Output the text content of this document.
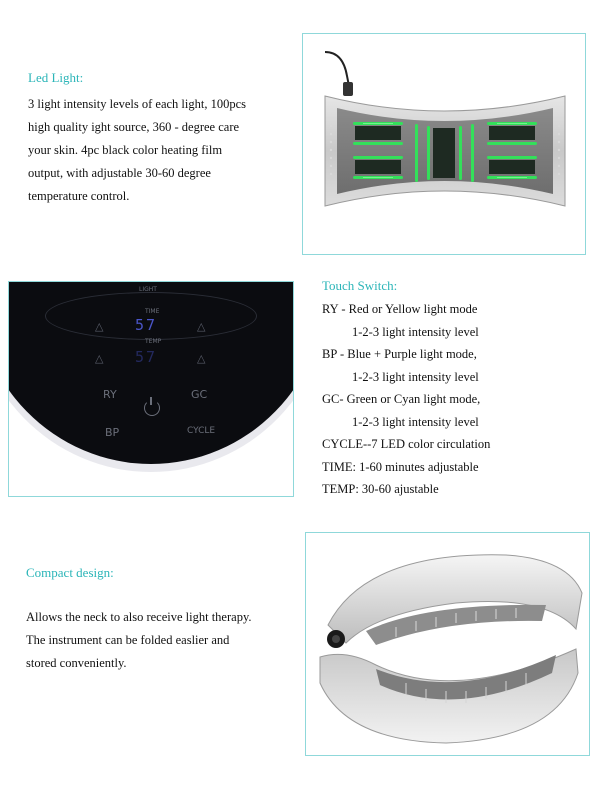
Led Light:
3 light intensity levels of each light, 100pcs
high quality ight source, 360 - degree care
your skin. 4pc black color heating film
output, with adjustable 30-60 degree
temperature control.
LIGHT
TIME
57
TEMP
57
△	△
△	△
RY	GC
BP	CYCLE
Touch Switch:
RY - Red or Yellow light mode
1-2-3 light intensity level
BP - Blue + Purple light mode,
1-2-3 light intensity level
GC- Green or Cyan light mode,
1-2-3 light intensity level
CYCLE--7 LED color circulation
TIME: 1-60 minutes adjustable
TEMP: 30-60 ajustable
Compact design:
Allows the neck to also receive light therapy.
The instrument can be folded easlier and
stored conveniently.
